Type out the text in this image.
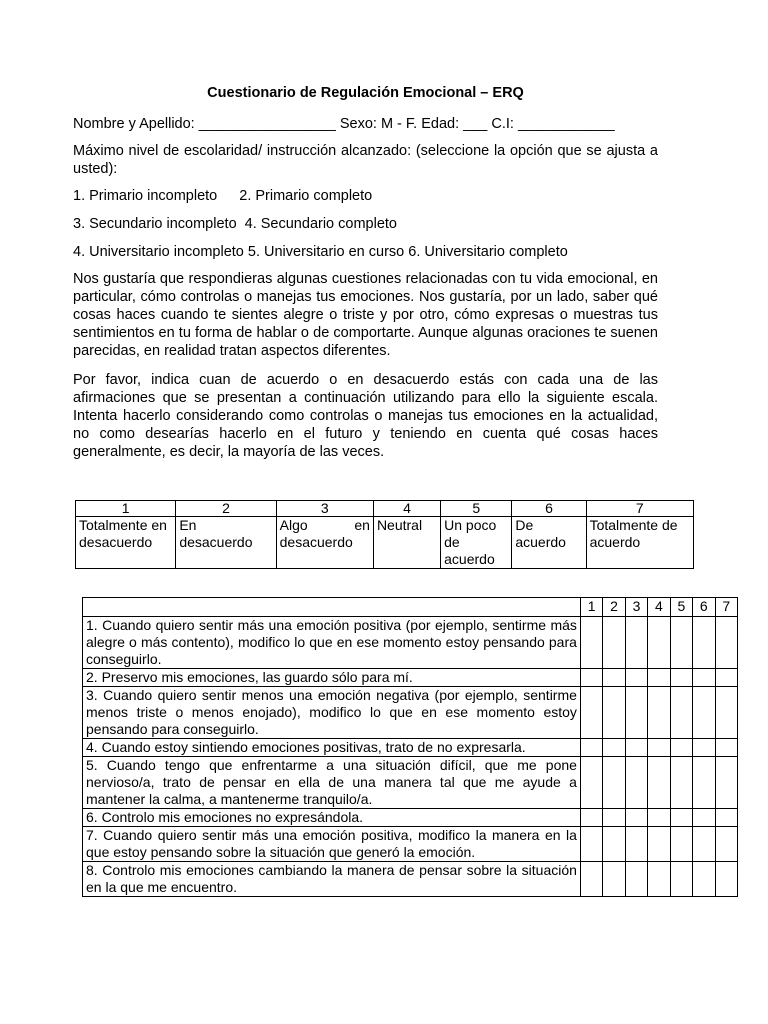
Cuestionario de Regulación Emocional – ERQ
Nombre y Apellido: _________________ Sexo: M - F. Edad: ___ C.I: ____________
Máximo nivel de escolaridad/ instrucción alcanzado: (seleccione la opción que se ajusta a usted):
1. Primario incompleto 2. Primario completo
3. Secundario incompleto 4. Secundario completo
4. Universitario incompleto 5. Universitario en curso 6. Universitario completo
Nos gustaría que respondieras algunas cuestiones relacionadas con tu vida emocional, en particular, cómo controlas o manejas tus emociones. Nos gustaría, por un lado, saber qué cosas haces cuando te sientes alegre o triste y por otro, cómo expresas o muestras tus sentimientos en tu forma de hablar o de comportarte. Aunque algunas oraciones te suenen parecidas, en realidad tratan aspectos diferentes.
Por favor, indica cuan de acuerdo o en desacuerdo estás con cada una de las afirmaciones que se presentan a continuación utilizando para ello la siguiente escala. Intenta hacerlo considerando como controlas o manejas tus emociones en la actualidad, no como desearías hacerlo en el futuro y teniendo en cuenta qué cosas haces generalmente, es decir, la mayoría de las veces.
1	2	3	4	5	6	7
Totalmente en desacuerdo	En desacuerdo	Algo en desacuerdo	Neutral	Un poco de acuerdo	De acuerdo	Totalmente de acuerdo
	1	2	3	4	5	6	7
1. Cuando quiero sentir más una emoción positiva (por ejemplo, sentirme más alegre o más contento), modifico lo que en ese momento estoy pensando para conseguirlo.							
2. Preservo mis emociones, las guardo sólo para mí.							
3. Cuando quiero sentir menos una emoción negativa (por ejemplo, sentirme menos triste o menos enojado), modifico lo que en ese momento estoy pensando para conseguirlo.							
4. Cuando estoy sintiendo emociones positivas, trato de no expresarla.							
5. Cuando tengo que enfrentarme a una situación difícil, que me pone nervioso/a, trato de pensar en ella de una manera tal que me ayude a mantener la calma, a mantenerme tranquilo/a.							
6. Controlo mis emociones no expresándola.							
7. Cuando quiero sentir más una emoción positiva, modifico la manera en la que estoy pensando sobre la situación que generó la emoción.							
8. Controlo mis emociones cambiando la manera de pensar sobre la situación en la que me encuentro.							
